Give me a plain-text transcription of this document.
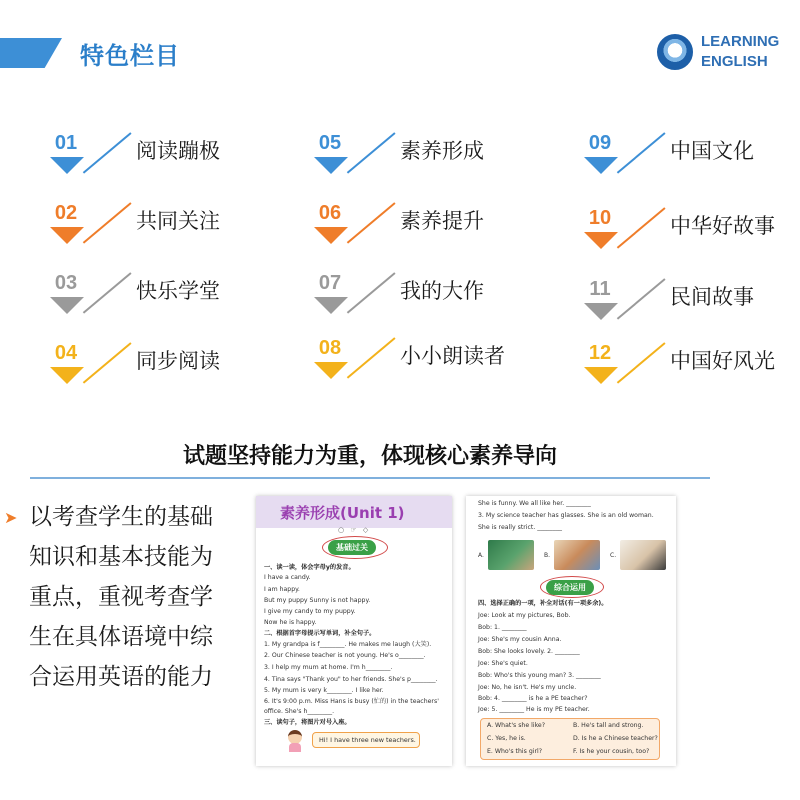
特色栏目
LEARNING
ENGLISH
01	阅读蹦极
02	共同关注
03	快乐学堂
04	同步阅读
05	素养形成
06	素养提升
07	我的大作
08	小小朗读者
09	中国文化
10	中华好故事
11	民间故事
12	中国好风光
试题坚持能力为重，体现核心素养导向
➤ 以考查学生的基础
知识和基本技能为
重点，重视考查学
生在具体语境中综
合运用英语的能力
素养形成(Unit 1)
○ ☞ ◇
基础过关
一、读一读，体会字母y的发音。
I have a candy.
I am happy.
But my puppy Sunny is not happy.
I give my candy to my puppy.
Now he is happy.
二、根据首字母提示写单词，补全句子。
1. My grandpa is f________. He makes me laugh (大笑).
2. Our Chinese teacher is not young. He's o________.
3. I help my mum at home. I'm h________.
4. Tina says "Thank you" to her friends. She's p________.
5. My mum is very k________. I like her.
6. It's 9:00 p.m. Miss Hans is busy (忙的) in the teachers'
office. She's h________.
三、读句子，将图片对号入座。
Hi! I have three new teachers.
She is funny. We all like her. ________
3. My science teacher has glasses. She is an old woman.
She is really strict. ________
A.	B.	C.
综合运用
四、选择正确的一项，补全对话(有一项多余)。
Joe: Look at my pictures, Bob.
Bob: 1. ________
Joe: She's my cousin Anna.
Bob: She looks lovely. 2. ________
Joe: She's quiet.
Bob: Who's this young man? 3. ________
Joe: No, he isn't. He's my uncle.
Bob: 4. ________ is he a PE teacher?
Joe: 5. ________ He is my PE teacher.
A. What's she like?	B. He's tall and strong.
C. Yes, he is.	D. Is he a Chinese teacher?
E. Who's this girl?	F. Is he your cousin, too?
